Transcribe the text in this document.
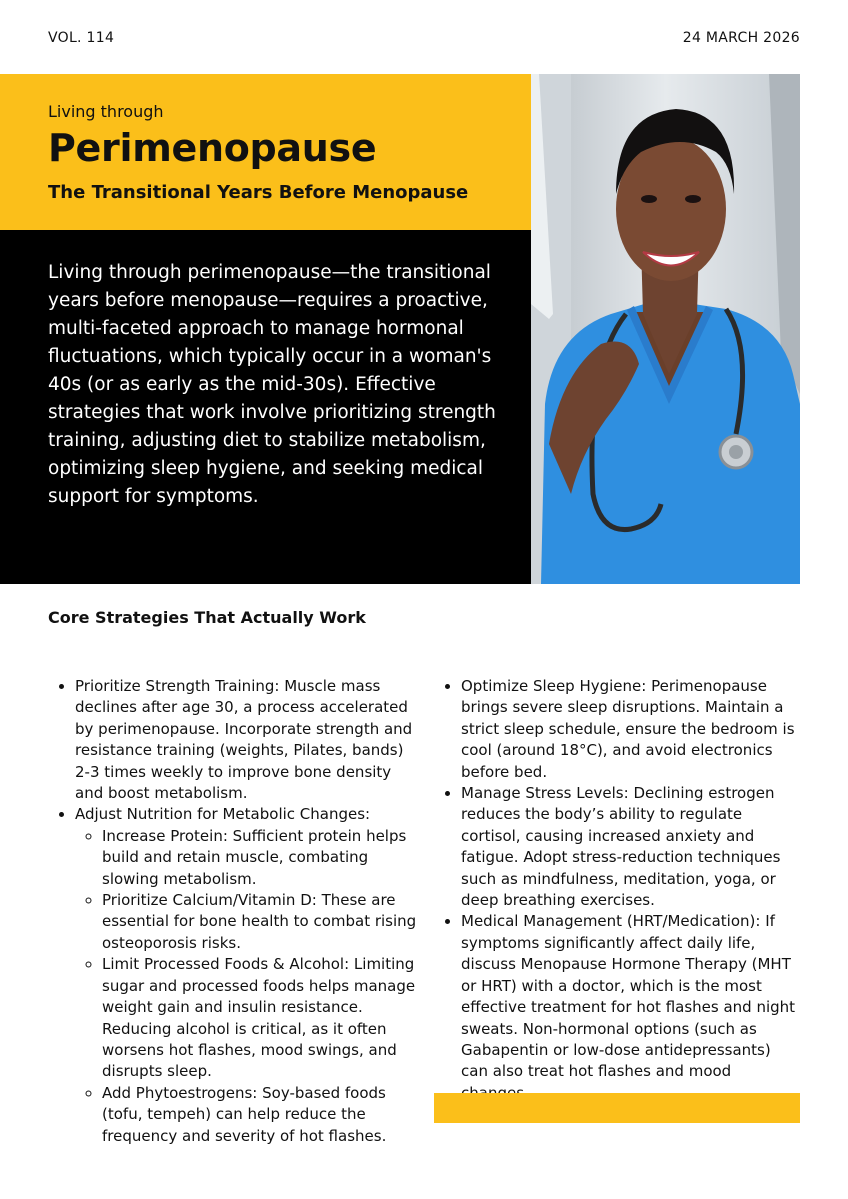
VOL. 114	24 MARCH 2026
Living through
Perimenopause
The Transitional Years Before Menopause
Living through perimenopause—the transitional years before menopause—requires a proactive, multi-faceted approach to manage hormonal fluctuations, which typically occur in a woman's 40s (or as early as the mid-30s). Effective strategies that work involve prioritizing strength training, adjusting diet to stabilize metabolism, optimizing sleep hygiene, and seeking medical support for symptoms.
Core Strategies That Actually Work
• Prioritize Strength Training: Muscle mass declines after age 30, a process accelerated by perimenopause. Incorporate strength and resistance training (weights, Pilates, bands) 2-3 times weekly to improve bone density and boost metabolism.
• Adjust Nutrition for Metabolic Changes:
◦ Increase Protein: Sufficient protein helps build and retain muscle, combating slowing metabolism.
◦ Prioritize Calcium/Vitamin D: These are essential for bone health to combat rising osteoporosis risks.
◦ Limit Processed Foods & Alcohol: Limiting sugar and processed foods helps manage weight gain and insulin resistance. Reducing alcohol is critical, as it often worsens hot flashes, mood swings, and disrupts sleep.
◦ Add Phytoestrogens: Soy-based foods (tofu, tempeh) can help reduce the frequency and severity of hot flashes.
• Optimize Sleep Hygiene: Perimenopause brings severe sleep disruptions. Maintain a strict sleep schedule, ensure the bedroom is cool (around 18°C), and avoid electronics before bed.
• Manage Stress Levels: Declining estrogen reduces the body’s ability to regulate cortisol, causing increased anxiety and fatigue. Adopt stress-reduction techniques such as mindfulness, meditation, yoga, or deep breathing exercises.
• Medical Management (HRT/Medication): If symptoms significantly affect daily life, discuss Menopause Hormone Therapy (MHT or HRT) with a doctor, which is the most effective treatment for hot flashes and night sweats. Non-hormonal options (such as Gabapentin or low-dose antidepressants) can also treat hot flashes and mood
